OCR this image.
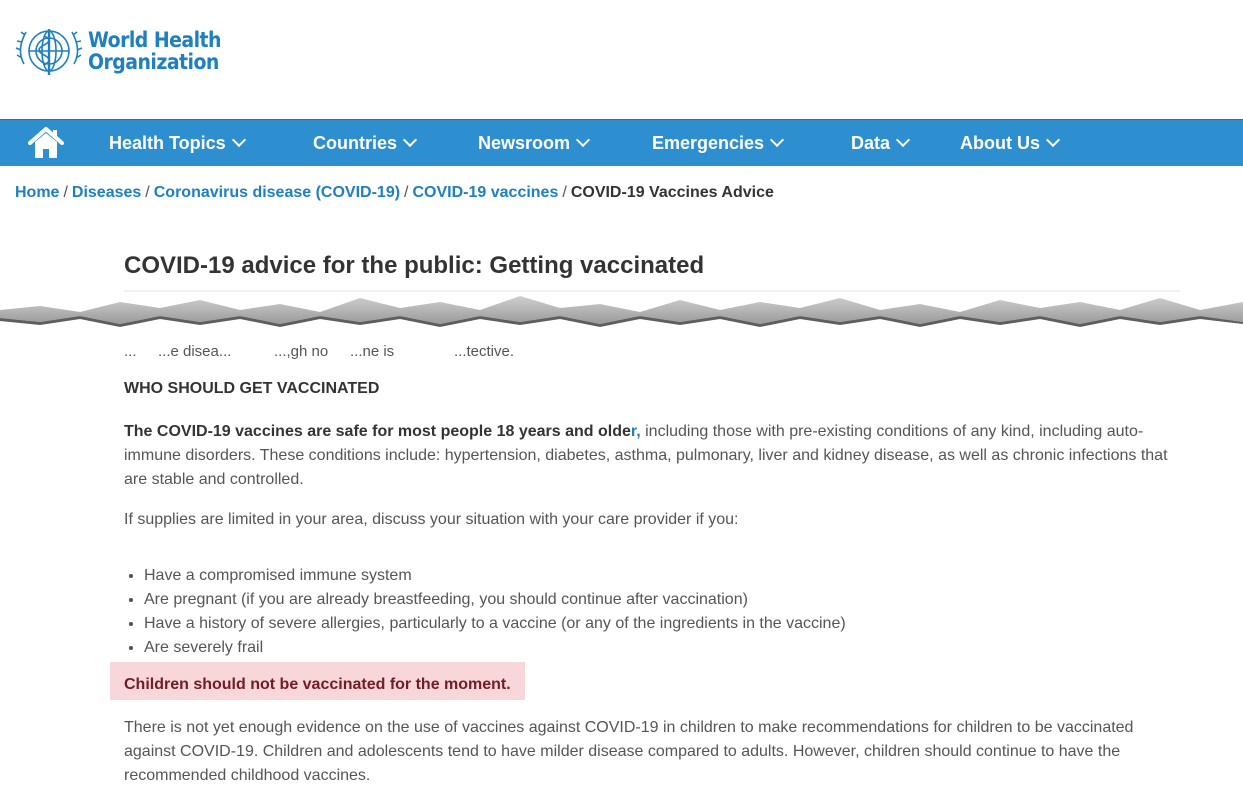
World Health
Organization
Health Topics	Countries	Newsroom	Emergencies	Data	About Us
Home / Diseases / Coronavirus disease (COVID-19) / COVID-19 vaccines / COVID-19 Vaccines Advice
COVID-19 advice for the public: Getting vaccinated
... ...e disea...	...,gh no ...ne is	...tective.
WHO SHOULD GET VACCINATED

The COVID-19 vaccines are safe for most people 18 years and older, including those with pre-existing conditions of any kind, including auto-immune disorders. These conditions include: hypertension, diabetes, asthma, pulmonary, liver and kidney disease, as well as chronic infections that are stable and controlled.

If supplies are limited in your area, discuss your situation with your care provider if you:

• Have a compromised immune system
• Are pregnant (if you are already breastfeeding, you should continue after vaccination)
• Have a history of severe allergies, particularly to a vaccine (or any of the ingredients in the vaccine)
• Are severely frail
Children should not be vaccinated for the moment.

There is not yet enough evidence on the use of vaccines against COVID-19 in children to make recommendations for children to be vaccinated against COVID-19. Children and adolescents tend to have milder disease compared to adults. However, children should continue to have the recommended childhood vaccines.
